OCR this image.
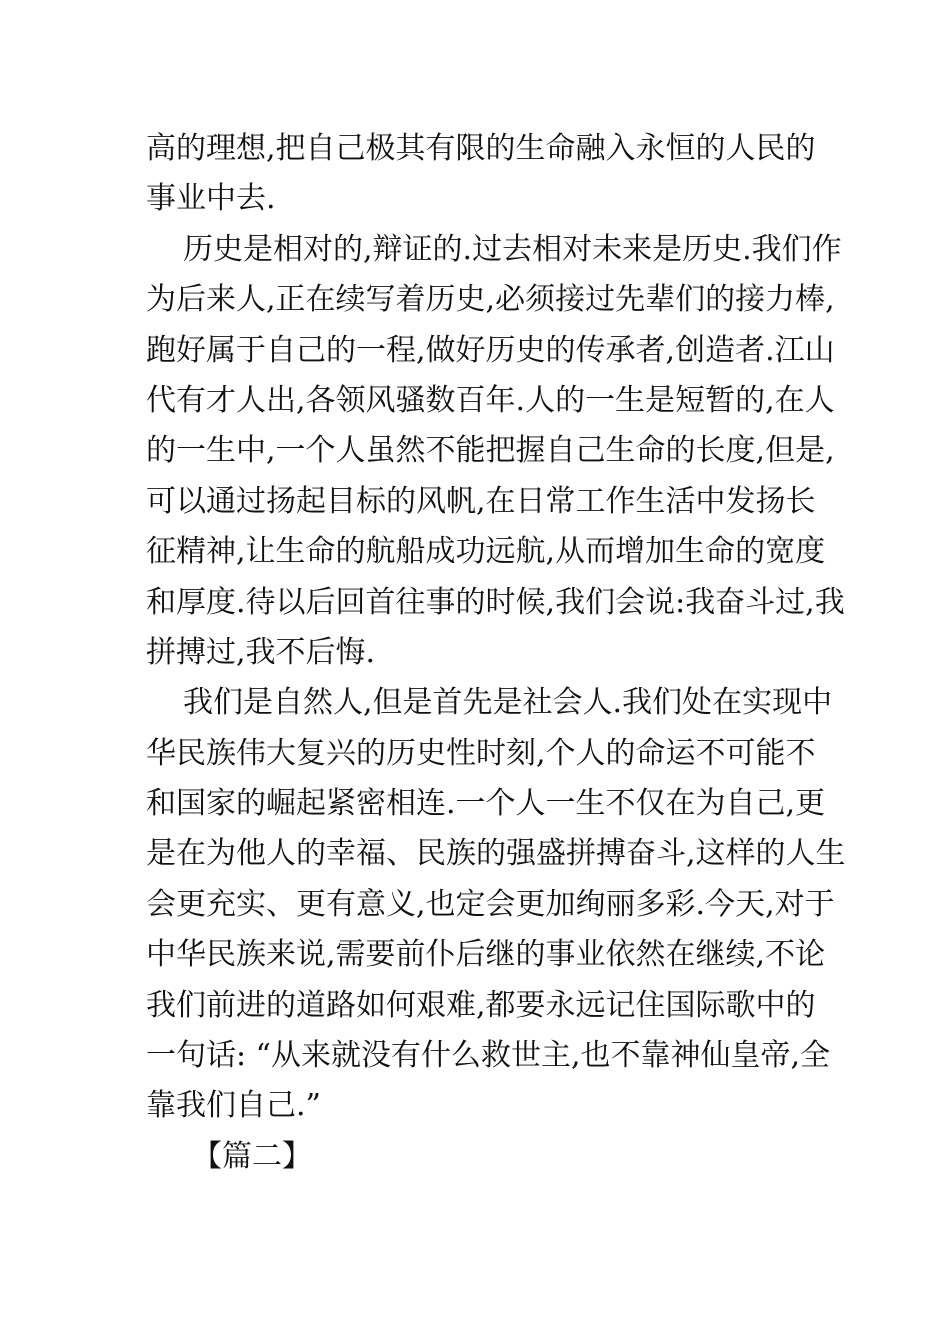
高的理想,把自己极其有限的生命融入永恒的人民的
事业中去.
历史是相对的,辩证的.过去相对未来是历史.我们作
为后来人,正在续写着历史,必须接过先辈们的接力棒,
跑好属于自己的一程,做好历史的传承者,创造者.江山
代有才人出,各领风骚数百年.人的一生是短暂的,在人
的一生中,一个人虽然不能把握自己生命的长度,但是,
可以通过扬起目标的风帆,在日常工作生活中发扬长
征精神,让生命的航船成功远航,从而增加生命的宽度
和厚度.待以后回首往事的时候,我们会说:我奋斗过,我
拼搏过,我不后悔.
我们是自然人,但是首先是社会人.我们处在实现中
华民族伟大复兴的历史性时刻,个人的命运不可能不
和国家的崛起紧密相连.一个人一生不仅在为自己,更
是在为他人的幸福、民族的强盛拼搏奋斗,这样的人生
会更充实、更有意义,也定会更加绚丽多彩.今天,对于
中华民族来说,需要前仆后继的事业依然在继续,不论
我们前进的道路如何艰难,都要永远记住国际歌中的
一句话: “从来就没有什么救世主,也不靠神仙皇帝,全
靠我们自己.”
【篇二】
